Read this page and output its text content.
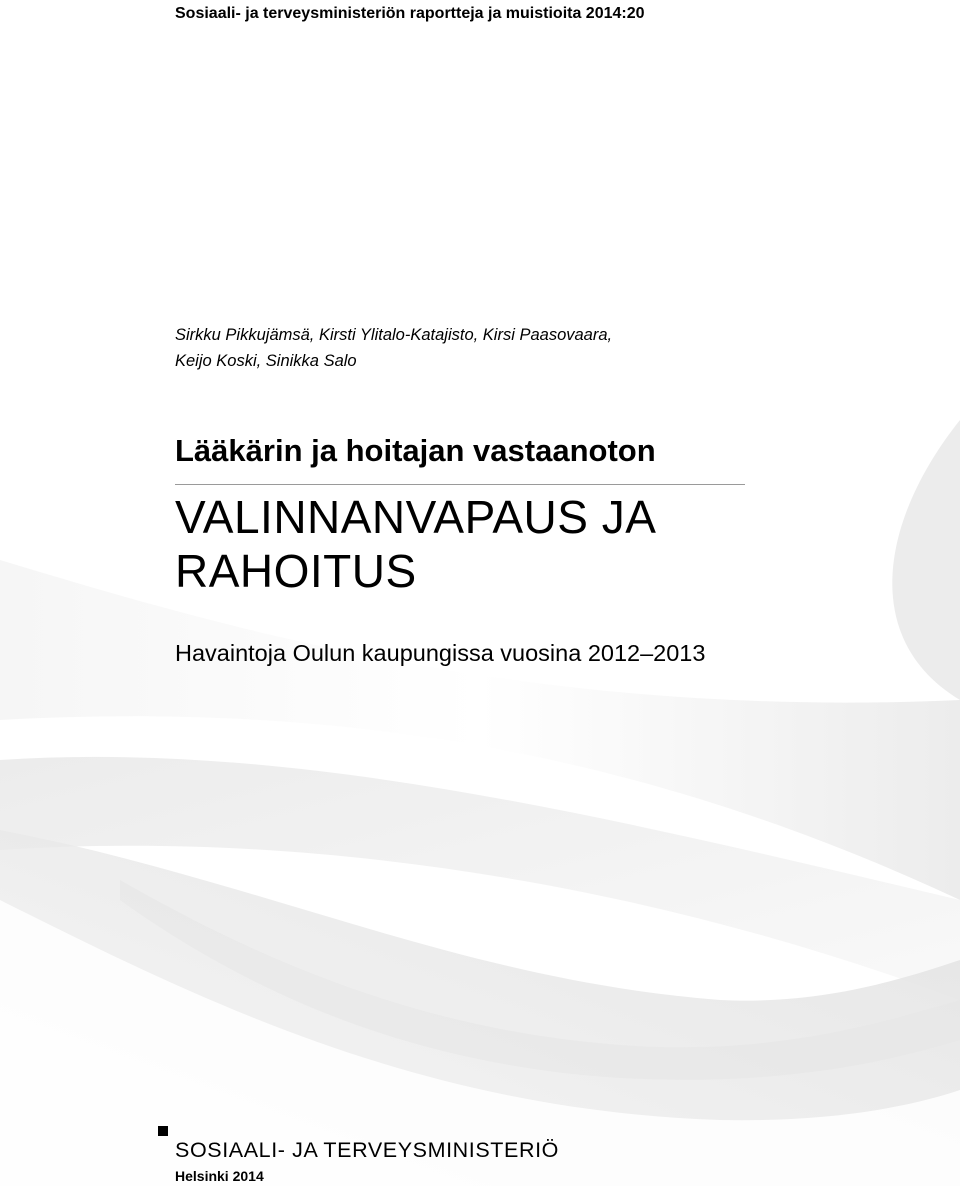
Sosiaali- ja terveysministeriön raportteja ja muistioita 2014:20
Sirkku Pikkujämsä, Kirsti Ylitalo-Katajisto, Kirsi Paasovaara,
Keijo Koski, Sinikka Salo
Lääkärin ja hoitajan vastaanoton
VALINNANVAPAUS JA
RAHOITUS
Havaintoja Oulun kaupungissa vuosina 2012–2013
SOSIAALI- JA TERVEYSMINISTERIÖ
Helsinki 2014
